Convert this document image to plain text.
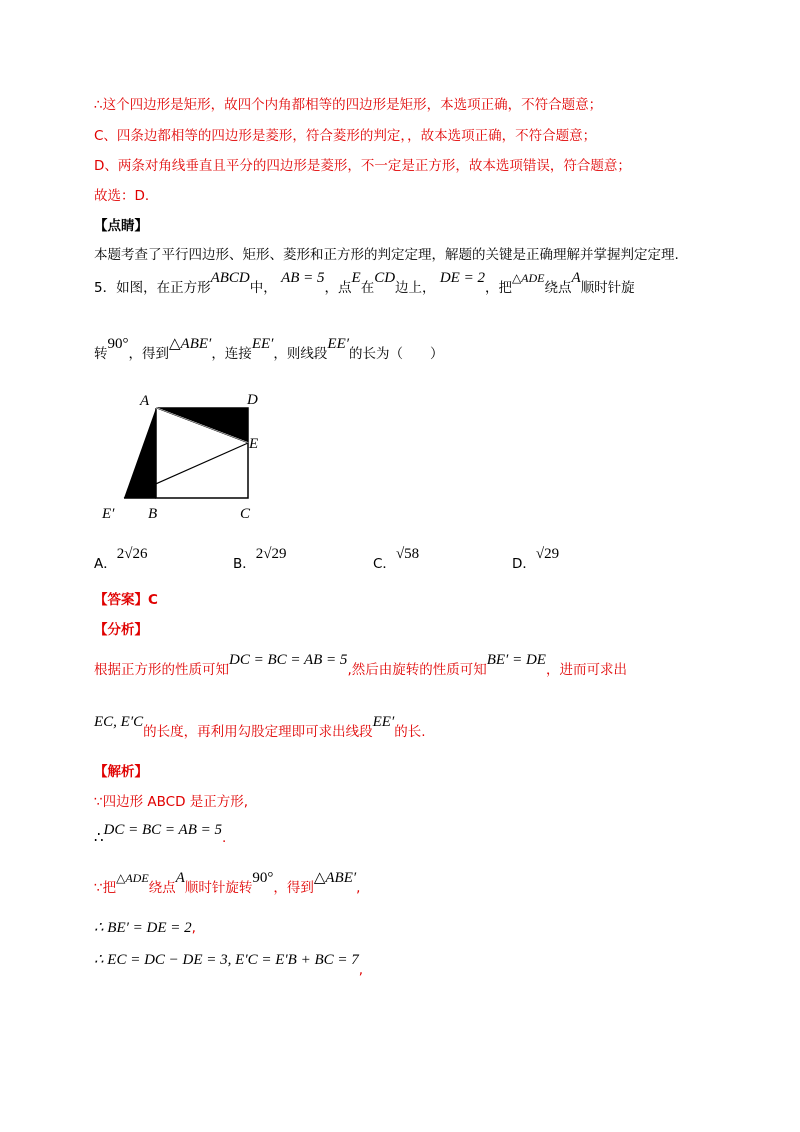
∴这个四边形是矩形，故四个内角都相等的四边形是矩形，本选项正确，不符合题意；
C、四条边都相等的四边形是菱形，符合菱形的判定，，故本选项正确，不符合题意；
D、两条对角线垂直且平分的四边形是菱形，不一定是正方形，故本选项错误，符合题意；
故选：D．
【点睛】
本题考查了平行四边形、矩形、菱形和正方形的判定定理，解题的关键是正确理解并掌握判定定理.
5．如图，在正方形ABCD中， AB = 5，点E在CD边上， DE = 2，把△ADE绕点A顺时针旋
转90°，得到△ABE′，连接EE′，则线段EE′的长为（　　）
A	D
E
E′ B	C
A．2√26
B．2√29
C．√58
D．√29
【答案】C
【分析】
根据正方形的性质可知DC = BC = AB = 5,然后由旋转的性质可知BE′ = DE，进而可求出
EC, E′C的长度，再利用勾股定理即可求出线段EE′的长.
【解析】
∵四边形 ABCD 是正方形,
∴DC = BC = AB = 5.
∵把△ADE绕点A顺时针旋转90°，得到△ABE′,
∴ BE′ = DE = 2,
∴ EC = DC − DE = 3, E′C = E′B + BC = 7,
